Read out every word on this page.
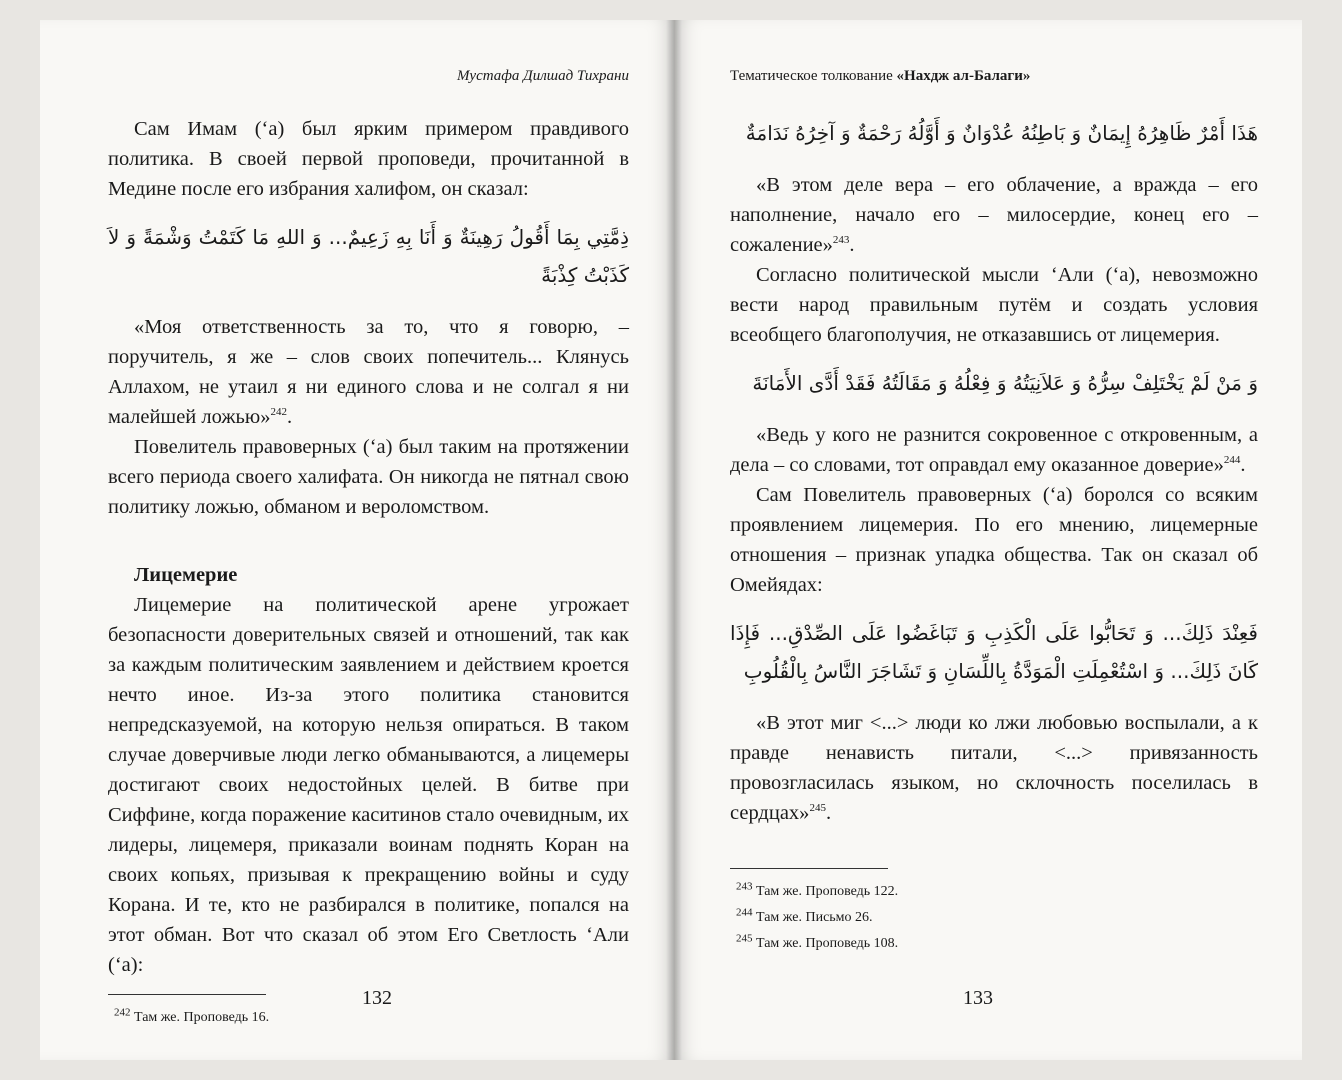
Мустафа Дилшад Тихрани

Сам Имам (‘а) был ярким примером правдивого политика. В своей первой проповеди, прочитанной в Медине после его избрания халифом, он сказал:

ذِمَّتِي بِمَا أَقُولُ رَهِينَةٌ وَ أَنَا بِهِ زَعِيمٌ... وَ اللهِ مَا كَتَمْتُ وَشْمَةً وَ لاَ كَذَبْتُ كِذْبَةً

«Моя ответственность за то, что я говорю, – поручитель, я же – слов своих попечитель... Клянусь Аллахом, не утаил я ни единого слова и не солгал я ни малейшей ложью»$^{242}$.

Повелитель правоверных (‘а) был таким на протяжении всего периода своего халифата. Он никогда не пятнал свою политику ложью, обманом и вероломством.

Лицемерие

Лицемерие на политической арене угрожает безопасности доверительных связей и отношений, так как за каждым политическим заявлением и действием кроется нечто иное. Из-за этого политика становится непредсказуемой, на которую нельзя опираться. В таком случае доверчивые люди легко обманываются, а лицемеры достигают своих недостойных целей. В битве при Сиффине, когда поражение каситинов стало очевидным, их лидеры, лицемеря, приказали воинам поднять Коран на своих копьях, призывая к прекращению войны и суду Корана. И те, кто не разбирался в политике, попался на этот обман. Вот что сказал об этом Его Светлость ‘Али (‘а):

$^{242}$ Там же. Проповедь 16.

132
Тематическое толкование «Нахдж ал-Балаги»

هَذَا أَمْرٌ ظَاهِرُهُ إِيمَانٌ وَ بَاطِنُهُ عُدْوَانٌ وَ أَوَّلُهُ رَحْمَةٌ وَ آخِرُهُ نَدَامَةٌ

«В этом деле вера – его облачение, а вражда – его наполнение, начало его – милосердие, конец его – сожаление»$^{243}$.

Согласно политической мысли ‘Али (‘а), невозможно вести народ правильным путём и создать условия всеобщего благополучия, не отказавшись от лицемерия.

وَ مَنْ لَمْ يَخْتَلِفْ سِرُّهُ وَ عَلاَنِيَتُهُ وَ فِعْلُهُ وَ مَقَالَتُهُ فَقَدْ أَدَّى الأَمَانَةَ

«Ведь у кого не разнится сокровенное с откровенным, а дела – со словами, тот оправдал ему оказанное доверие»$^{244}$.

Сам Повелитель правоверных (‘а) боролся со всяким проявлением лицемерия. По его мнению, лицемерные отношения – признак упадка общества. Так он сказал об Омейядах:

فَعِنْدَ ذَلِكَ... وَ تَحَابُّوا عَلَى الْكَذِبِ وَ تَبَاغَضُوا عَلَى الصِّدْقِ... فَإِذَا كَانَ ذَلِكَ... وَ اسْتُعْمِلَتِ الْمَوَدَّةُ بِاللِّسَانِ وَ تَشَاجَرَ النَّاسُ بِالْقُلُوبِ

«В этот миг <...> люди ко лжи любовью воспылали, а к правде ненависть питали, <...> привязанность провозгласилась языком, но склочность поселилась в сердцах»$^{245}$.

$^{243}$ Там же. Проповедь 122.

$^{244}$ Там же. Письмо 26.

$^{245}$ Там же. Проповедь 108.

133
